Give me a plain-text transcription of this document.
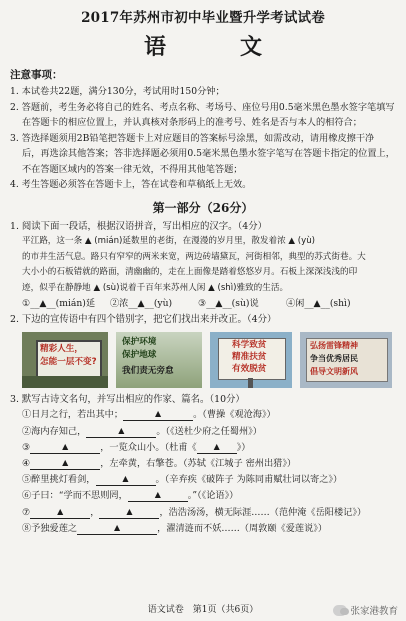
2017年苏州市初中毕业暨升学考试试卷
语　文
注意事项：
1. 本试卷共22题，满分130分，考试用时150分钟；
2. 答题前，考生务必将自己的姓名、考点名称、考场号、座位号用0.5毫米黑色墨水签字笔填写
在答题卡的相应位置上，并认真核对条形码上的准考号、姓名是否与本人的相符合；
3. 答选择题须用2B铅笔把答题卡上对应题目的答案标号涂黑，如需改动，请用橡皮擦干净
后，再选涂其他答案；答非选择题必须用0.5毫米黑色墨水签字笔写在答题卡指定的位置上，
不在答题区域内的答案一律无效，不得用其他笔答题；
4. 考生答题必须答在答题卡上，答在试卷和草稿纸上无效。
第一部分（26分）
1. 阅读下面一段话，根据汉语拼音，写出相应的汉字。（4分）
平江路，这一条 ▲ (mián)延数里的老街，在漫漫的岁月里，散发着浓 ▲ (yù)
的市井生活气息。路只有窄窄的两米来宽，两边砖墙黛瓦，河街相邻，典型的苏式街巷。大
大小小的石板错就的路面，清幽幽的，走在上面像是踏着悠悠岁月。石板上深深浅浅的印
迹，似乎在静静地 ▲ (sù)说着千百年来苏州人闲 ▲ (shì)雅致的生活。
①__▲__(mián)延	②浓__▲__(yù)	③__▲__(sù)说	④闲__▲__(shì)
2. 下边的宣传语中有四个错别字，把它们找出来并改正。（4分）
精彩人生，
怎能一层不变?
保护环境
保护地球
我们责无旁怠
科学致贫
精准扶贫
有效脱贫
弘扬雷锋精神
争当优秀居民
倡导文明新风
3. 默写古诗文名句，并写出相应的作家、篇名。（10分）
①日月之行，若出其中；	▲	。（曹操《观沧海》）
②海内存知己，	▲	。（《送杜少府之任蜀州》）
③	▲	，一览众山小。（杜甫《 ▲ 》）
④	▲	，左牵黄，右擎苍。（苏轼《江城子 密州出猎》）
⑤醉里挑灯看剑，	▲	。（辛弃疾《破阵子 为陈同甫赋壮词以寄之》）
⑥子曰：“学而不思则罔，	▲	。”（《论语》）
⑦	▲	，	▲	，浩浩汤汤，横无际涯……（范仲淹《岳阳楼记》）
⑧予独爱莲之	▲	，濯清涟而不妖……（周敦颐《爱莲说》）
语文试卷　第1页（共6页）	张家港教育
